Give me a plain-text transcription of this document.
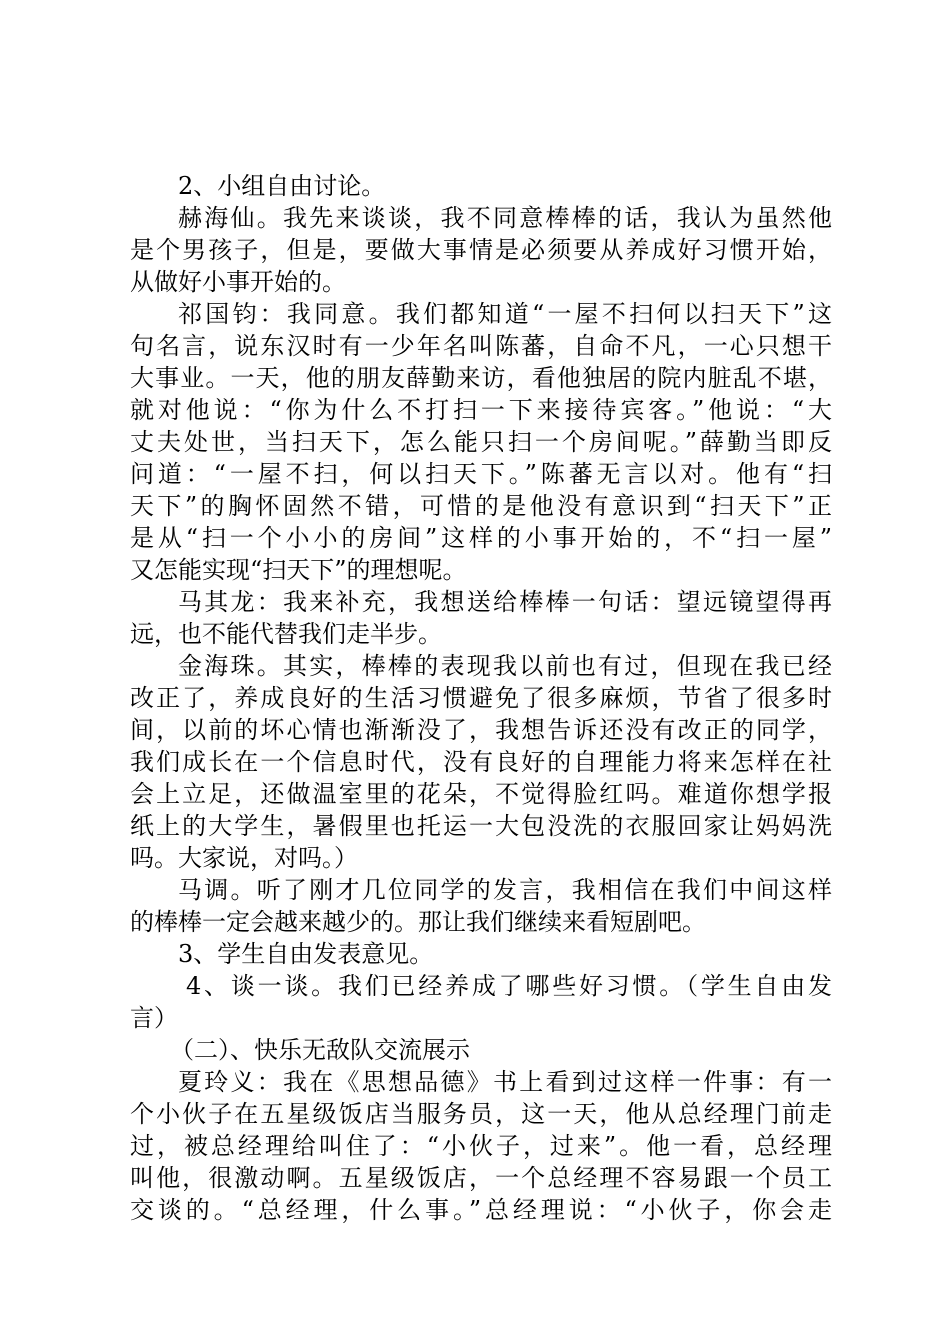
2、小组自由讨论。
赫海仙。我先来谈谈，我不同意棒棒的话，我认为虽然他
是个男孩子，但是，要做大事情是必须要从养成好习惯开始，
从做好小事开始的。
祁国钧：我同意。我们都知道“一屋不扫何以扫天下”这
句名言，说东汉时有一少年名叫陈蕃，自命不凡，一心只想干
大事业。一天，他的朋友薛勤来访，看他独居的院内脏乱不堪，
就对他说：“你为什么不打扫一下来接待宾客。”他说：“大
丈夫处世，当扫天下，怎么能只扫一个房间呢。”薛勤当即反
问道：“一屋不扫，何以扫天下。”陈蕃无言以对。他有“扫
天下”的胸怀固然不错，可惜的是他没有意识到“扫天下”正
是从“扫一个小小的房间”这样的小事开始的，不“扫一屋”
又怎能实现“扫天下”的理想呢。
马其龙：我来补充，我想送给棒棒一句话：望远镜望得再
远，也不能代替我们走半步。
金海珠。其实，棒棒的表现我以前也有过，但现在我已经
改正了，养成良好的生活习惯避免了很多麻烦，节省了很多时
间，以前的坏心情也渐渐没了，我想告诉还没有改正的同学，
我们成长在一个信息时代，没有良好的自理能力将来怎样在社
会上立足，还做温室里的花朵，不觉得脸红吗。难道你想学报
纸上的大学生，暑假里也托运一大包没洗的衣服回家让妈妈洗
吗。大家说，对吗。）
马调。听了刚才几位同学的发言，我相信在我们中间这样
的棒棒一定会越来越少的。那让我们继续来看短剧吧。
3、学生自由发表意见。
4、谈一谈。我们已经养成了哪些好习惯。（学生自由发
言）
（二）、快乐无敌队交流展示
夏玲义：我在《思想品德》书上看到过这样一件事：有一
个小伙子在五星级饭店当服务员，这一天，他从总经理门前走
过，被总经理给叫住了：“小伙子，过来”。他一看，总经理
叫他，很激动啊。五星级饭店，一个总经理不容易跟一个员工
交谈的。“总经理，什么事。”总经理说：“小伙子，你会走
